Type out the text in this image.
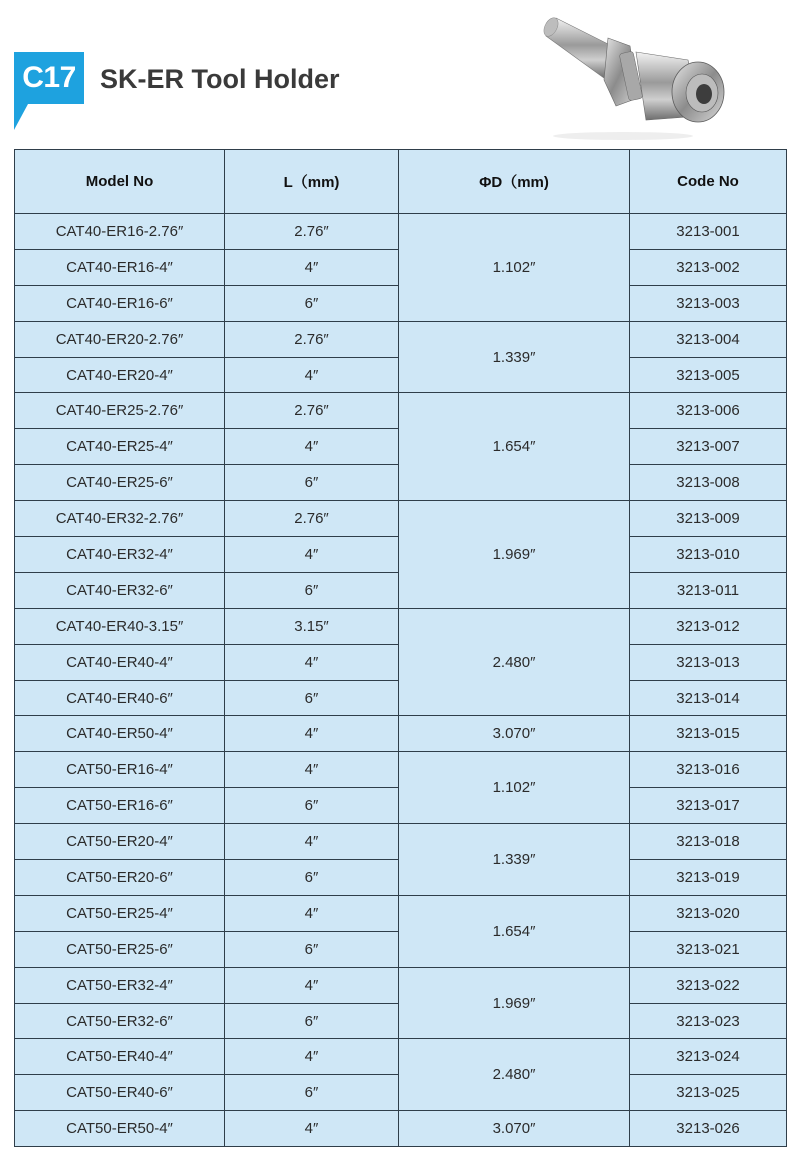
C17 SK-ER Tool Holder
Model No	L（mm)	ΦD（mm)	Code No
CAT40-ER16-2.76″	2.76″	1.102″	3213-001
CAT40-ER16-4″	4″		3213-002
CAT40-ER16-6″	6″		3213-003
CAT40-ER20-2.76″	2.76″	1.339″	3213-004
CAT40-ER20-4″	4″		3213-005
CAT40-ER25-2.76″	2.76″	1.654″	3213-006
CAT40-ER25-4″	4″		3213-007
CAT40-ER25-6″	6″		3213-008
CAT40-ER32-2.76″	2.76″	1.969″	3213-009
CAT40-ER32-4″	4″		3213-010
CAT40-ER32-6″	6″		3213-011
CAT40-ER40-3.15″	3.15″	2.480″	3213-012
CAT40-ER40-4″	4″		3213-013
CAT40-ER40-6″	6″		3213-014
CAT40-ER50-4″	4″	3.070″	3213-015
CAT50-ER16-4″	4″	1.102″	3213-016
CAT50-ER16-6″	6″		3213-017
CAT50-ER20-4″	4″	1.339″	3213-018
CAT50-ER20-6″	6″		3213-019
CAT50-ER25-4″	4″	1.654″	3213-020
CAT50-ER25-6″	6″		3213-021
CAT50-ER32-4″	4″	1.969″	3213-022
CAT50-ER32-6″	6″		3213-023
CAT50-ER40-4″	4″	2.480″	3213-024
CAT50-ER40-6″	6″		3213-025
CAT50-ER50-4″	4″	3.070″	3213-026
